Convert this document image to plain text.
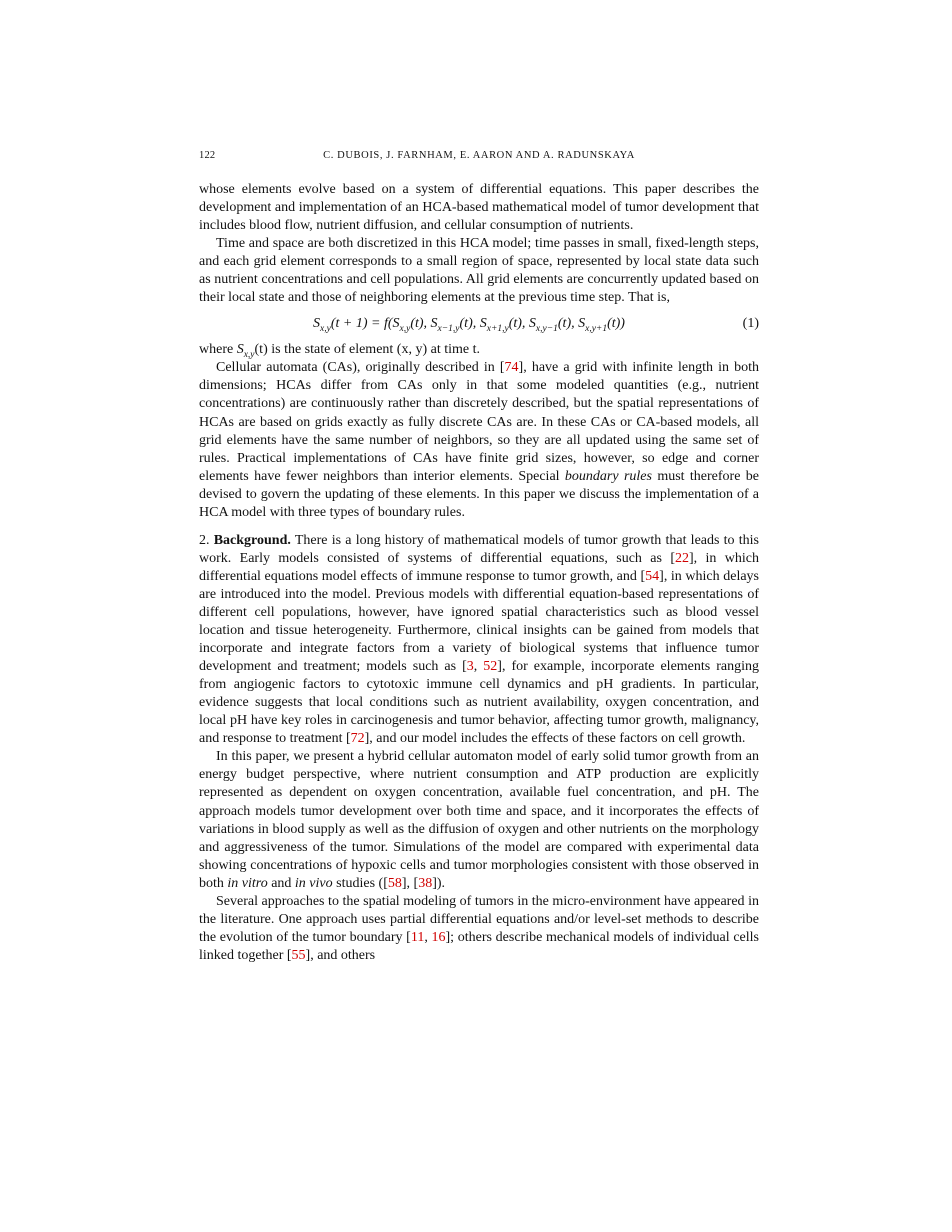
122	C. DUBOIS, J. FARNHAM, E. AARON AND A. RADUNSKAYA

whose elements evolve based on a system of differential equations. This paper describes the development and implementation of an HCA-based mathematical model of tumor development that includes blood flow, nutrient diffusion, and cellular consumption of nutrients.

Time and space are both discretized in this HCA model; time passes in small, fixed-length steps, and each grid element corresponds to a small region of space, represented by local state data such as nutrient concentrations and cell populations. All grid elements are concurrently updated based on their local state and those of neighboring elements at the previous time step. That is,

$S_{x,y}(t + 1) = f(S_{x,y}(t)$, $S_{x-1,y}(t)$, $S_{x+1,y}(t)$, $S_{x,y-1}(t)$, $S_{x,y+1}(t)$)	(1)

where $S_{x,y}(t)$ is the state of element (x, y) at time t.

Cellular automata (CAs), originally described in [74], have a grid with infinite length in both dimensions; HCAs differ from CAs only in that some modeled quantities (e.g., nutrient concentrations) are continuously rather than discretely described, but the spatial representations of HCAs are based on grids exactly as fully discrete CAs are. In these CAs or CA-based models, all grid elements have the same number of neighbors, so they are all updated using the same set of rules. Practical implementations of CAs have finite grid sizes, however, so edge and corner elements have fewer neighbors than interior elements. Special boundary rules must therefore be devised to govern the updating of these elements. In this paper we discuss the implementation of a HCA model with three types of boundary rules.

2. Background. There is a long history of mathematical models of tumor growth that leads to this work. Early models consisted of systems of differential equations, such as [22], in which differential equations model effects of immune response to tumor growth, and [54], in which delays are introduced into the model. Previous models with differential equation-based representations of different cell populations, however, have ignored spatial characteristics such as blood vessel location and tissue heterogeneity. Furthermore, clinical insights can be gained from models that incorporate and integrate factors from a variety of biological systems that influence tumor development and treatment; models such as [3, 52], for example, incorporate elements ranging from angiogenic factors to cytotoxic immune cell dynamics and pH gradients. In particular, evidence suggests that local conditions such as nutrient availability, oxygen concentration, and local pH have key roles in carcinogenesis and tumor behavior, affecting tumor growth, malignancy, and response to treatment [72], and our model includes the effects of these factors on cell growth.

In this paper, we present a hybrid cellular automaton model of early solid tumor growth from an energy budget perspective, where nutrient consumption and ATP production are explicitly represented as dependent on oxygen concentration, available fuel concentration, and pH. The approach models tumor development over both time and space, and it incorporates the effects of variations in blood supply as well as the diffusion of oxygen and other nutrients on the morphology and aggressiveness of the tumor. Simulations of the model are compared with experimental data showing concentrations of hypoxic cells and tumor morphologies consistent with those observed in both in vitro and in vivo studies ([58], [38]).

Several approaches to the spatial modeling of tumors in the micro-environment have appeared in the literature. One approach uses partial differential equations and/or level-set methods to describe the evolution of the tumor boundary [11, 16]; others describe mechanical models of individual cells linked together [55], and others
